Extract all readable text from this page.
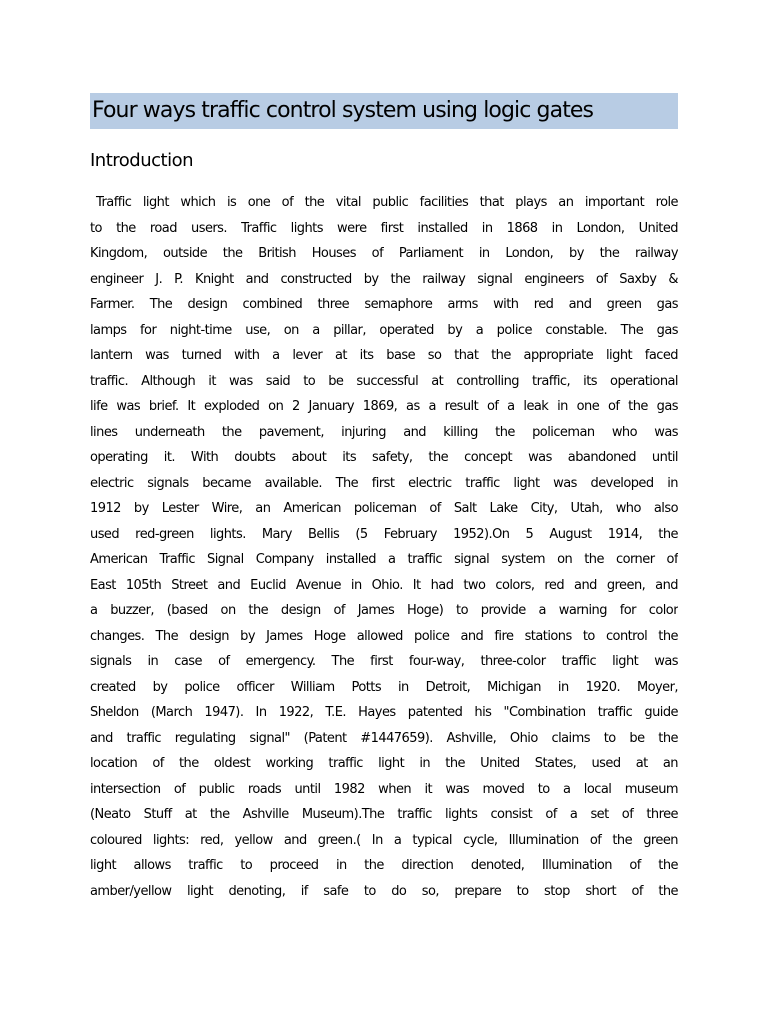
Four ways traffic control system using logic gates
Introduction
Traffic light which is one of the vital public facilities that plays an important role
to the road users. Traffic lights were first installed in 1868 in London, United
Kingdom, outside the British Houses of Parliament in London, by the railway
engineer J. P. Knight and constructed by the railway signal engineers of Saxby &
Farmer. The design combined three semaphore arms with red and green gas
lamps for night-time use, on a pillar, operated by a police constable. The gas
lantern was turned with a lever at its base so that the appropriate light faced
traffic. Although it was said to be successful at controlling traffic, its operational
life was brief. It exploded on 2 January 1869, as a result of a leak in one of the gas
lines underneath the pavement, injuring and killing the policeman who was
operating it. With doubts about its safety, the concept was abandoned until
electric signals became available. The first electric traffic light was developed in
1912 by Lester Wire, an American policeman of Salt Lake City, Utah, who also
used red-green lights. Mary Bellis (5 February 1952).On 5 August 1914, the
American Traffic Signal Company installed a traffic signal system on the corner of
East 105th Street and Euclid Avenue in Ohio. It had two colors, red and green, and
a buzzer, (based on the design of James Hoge) to provide a warning for color
changes. The design by James Hoge allowed police and fire stations to control the
signals in case of emergency. The first four-way, three-color traffic light was
created by police officer William Potts in Detroit, Michigan in 1920. Moyer,
Sheldon (March 1947). In 1922, T.E. Hayes patented his "Combination traffic guide
and traffic regulating signal" (Patent #1447659). Ashville, Ohio claims to be the
location of the oldest working traffic light in the United States, used at an
intersection of public roads until 1982 when it was moved to a local museum
(Neato Stuff at the Ashville Museum).The traffic lights consist of a set of three
coloured lights: red, yellow and green.( In a typical cycle, Illumination of the green
light allows traffic to proceed in the direction denoted, Illumination of the
amber/yellow light denoting, if safe to do so, prepare to stop short of the
